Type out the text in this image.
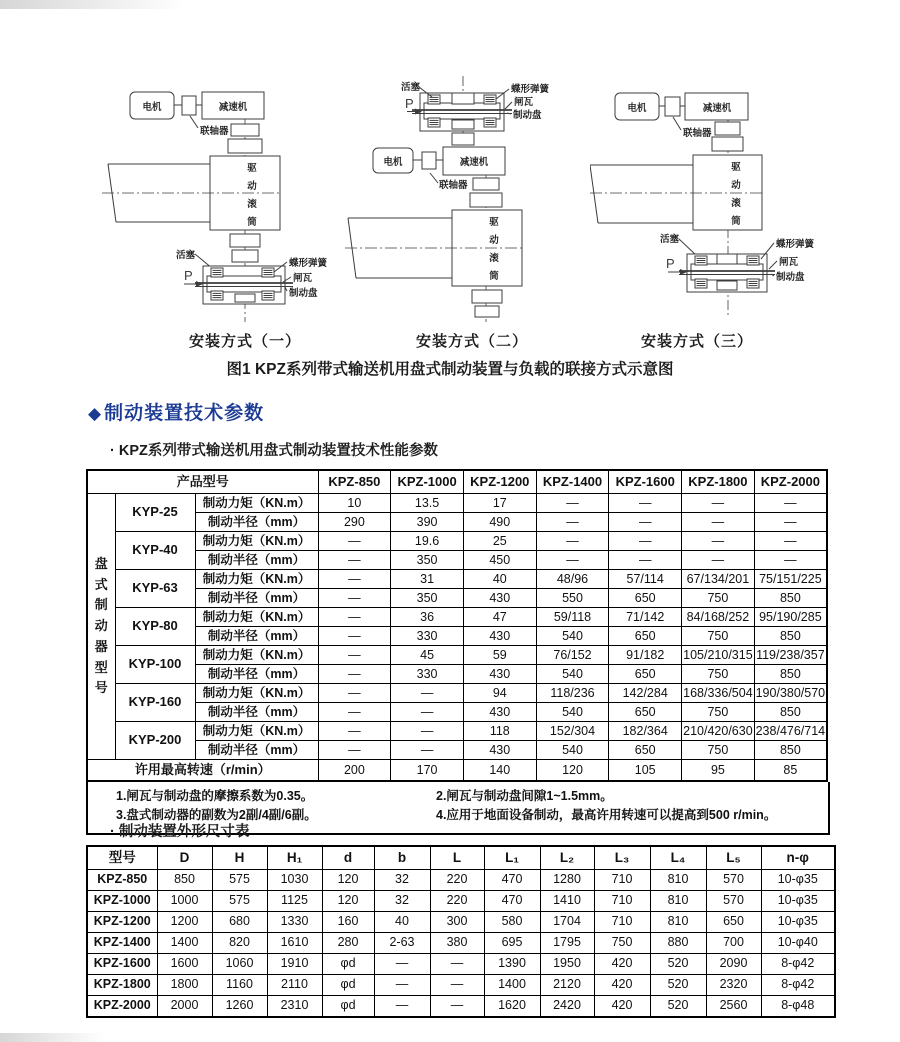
电机	减速机
联轴器
驱
动
滚
筒
活塞
P
蝶形弹簧
闸瓦
制动盘
P
活塞	蝶形弹簧
闸瓦
制动盘
减速机
电机
联轴器
驱
动
滚
筒
电机	减速机
联轴器
驱
动
滚
筒
活塞
P
蝶形弹簧
闸瓦
制动盘
安装方式（一）	安装方式（二）	安装方式（三）
图1 KPZ系列带式输送机用盘式制动装置与负载的联接方式示意图
◆ 制动装置技术参数
· KPZ系列带式输送机用盘式制动装置技术性能参数
产品型号			KPZ-850	KPZ-1000	KPZ-1200	KPZ-1400	KPZ-1600	KPZ-1800	KPZ-2000

盘式制动器型号	KYP-25	制动力矩（KN.m）	10	13.5	17	—	—	—	—
		制动半径（mm）	290	390	490	—	—	—	—
	KYP-40	制动力矩（KN.m）	—	19.6	25	—	—	—	—
		制动半径（mm）	—	350	450	—	—	—	—
	KYP-63	制动力矩（KN.m）	—	31	40	48/96	57/114	67/134/201	75/151/225
		制动半径（mm）	—	350	430	550	650	750	850
	KYP-80	制动力矩（KN.m）	—	36	47	59/118	71/142	84/168/252	95/190/285
		制动半径（mm）	—	330	430	540	650	750	850
	KYP-100	制动力矩（KN.m）	—	45	59	76/152	91/182	105/210/315	119/238/357
		制动半径（mm）	—	330	430	540	650	750	850
	KYP-160	制动力矩（KN.m）	—	—	94	118/236	142/284	168/336/504	190/380/570
		制动半径（mm）	—	—	430	540	650	750	850
	KYP-200	制动力矩（KN.m）	—	—	118	152/304	182/364	210/420/630	238/476/714
		制动半径（mm）	—	—	430	540	650	750	850
许用最高转速（r/min）			200	170	140	120	105	95	85
1.闸瓦与制动盘的摩擦系数为0.35。	2.闸瓦与制动盘间隙1~1.5mm。
3.盘式制动器的副数为2副/4副/6副。	4.应用于地面设备制动，最高许用转速可以提高到500 r/min。
· 制动装置外形尺寸表
型号	D	H	H₁	d	b	L	L₁	L₂	L₃	L₄	L₅	n-φ
KPZ-850	850	575	1030	120	32	220	470	1280	710	810	570	10-φ35
KPZ-1000	1000	575	1125	120	32	220	470	1410	710	810	570	10-φ35
KPZ-1200	1200	680	1330	160	40	300	580	1704	710	810	650	10-φ35
KPZ-1400	1400	820	1610	280	2-63	380	695	1795	750	880	700	10-φ40
KPZ-1600	1600	1060	1910	φd	—	—	1390	1950	420	520	2090	8-φ42
KPZ-1800	1800	1160	2110	φd	—	—	1400	2120	420	520	2320	8-φ42
KPZ-2000	2000	1260	2310	φd	—	—	1620	2420	420	520	2560	8-φ48
